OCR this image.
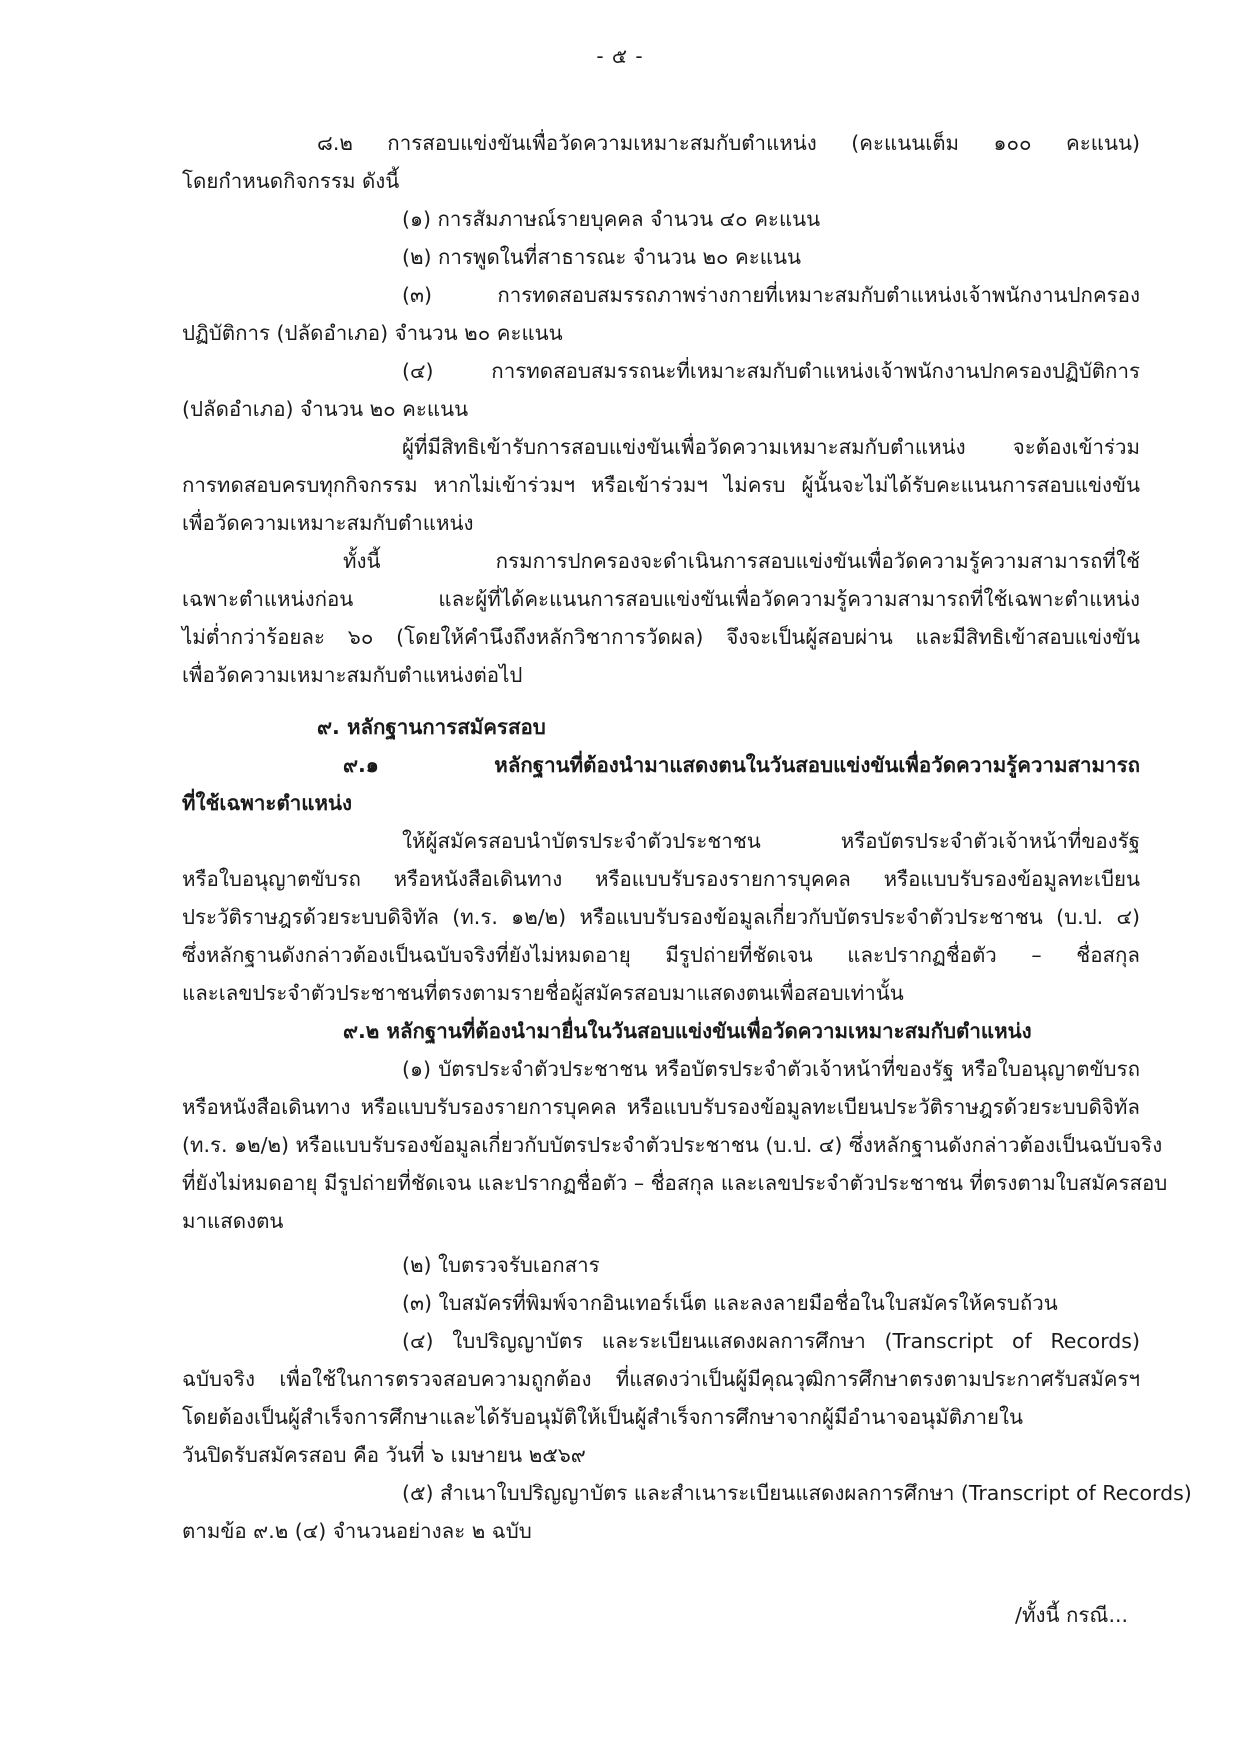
- ๕ -
๘.๒ การสอบแข่งขันเพื่อวัดความเหมาะสมกับตำแหน่ง (คะแนนเต็ม ๑๐๐ คะแนน)
โดยกำหนดกิจกรรม ดังนี้
(๑) การสัมภาษณ์รายบุคคล จำนวน ๔๐ คะแนน
(๒) การพูดในที่สาธารณะ จำนวน ๒๐ คะแนน
(๓) การทดสอบสมรรถภาพร่างกายที่เหมาะสมกับตำแหน่งเจ้าพนักงานปกครอง
ปฏิบัติการ (ปลัดอำเภอ) จำนวน ๒๐ คะแนน
(๔) การทดสอบสมรรถนะที่เหมาะสมกับตำแหน่งเจ้าพนักงานปกครองปฏิบัติการ
(ปลัดอำเภอ) จำนวน ๒๐ คะแนน
ผู้ที่มีสิทธิเข้ารับการสอบแข่งขันเพื่อวัดความเหมาะสมกับตำแหน่ง จะต้องเข้าร่วม
การทดสอบครบทุกกิจกรรม หากไม่เข้าร่วมฯ หรือเข้าร่วมฯ ไม่ครบ ผู้นั้นจะไม่ได้รับคะแนนการสอบแข่งขัน
เพื่อวัดความเหมาะสมกับตำแหน่ง
ทั้งนี้ กรมการปกครองจะดำเนินการสอบแข่งขันเพื่อวัดความรู้ความสามารถที่ใช้
เฉพาะตำแหน่งก่อน และผู้ที่ได้คะแนนการสอบแข่งขันเพื่อวัดความรู้ความสามารถที่ใช้เฉพาะตำแหน่ง
ไม่ต่ำกว่าร้อยละ ๖๐ (โดยให้คำนึงถึงหลักวิชาการวัดผล) จึงจะเป็นผู้สอบผ่าน และมีสิทธิเข้าสอบแข่งขัน
เพื่อวัดความเหมาะสมกับตำแหน่งต่อไป
๙. หลักฐานการสมัครสอบ
๙.๑ หลักฐานที่ต้องนำมาแสดงตนในวันสอบแข่งขันเพื่อวัดความรู้ความสามารถ
ที่ใช้เฉพาะตำแหน่ง
ให้ผู้สมัครสอบนำบัตรประจำตัวประชาชน หรือบัตรประจำตัวเจ้าหน้าที่ของรัฐ
หรือใบอนุญาตขับรถ หรือหนังสือเดินทาง หรือแบบรับรองรายการบุคคล หรือแบบรับรองข้อมูลทะเบียน
ประวัติราษฎรด้วยระบบดิจิทัล (ท.ร. ๑๒/๒) หรือแบบรับรองข้อมูลเกี่ยวกับบัตรประจำตัวประชาชน (บ.ป. ๔)
ซึ่งหลักฐานดังกล่าวต้องเป็นฉบับจริงที่ยังไม่หมดอายุ มีรูปถ่ายที่ชัดเจน และปรากฏชื่อตัว – ชื่อสกุล
และเลขประจำตัวประชาชนที่ตรงตามรายชื่อผู้สมัครสอบมาแสดงตนเพื่อสอบเท่านั้น
๙.๒ หลักฐานที่ต้องนำมายื่นในวันสอบแข่งขันเพื่อวัดความเหมาะสมกับตำแหน่ง
(๑) บัตรประจำตัวประชาชน หรือบัตรประจำตัวเจ้าหน้าที่ของรัฐ หรือใบอนุญาตขับรถ
หรือหนังสือเดินทาง หรือแบบรับรองรายการบุคคล หรือแบบรับรองข้อมูลทะเบียนประวัติราษฎรด้วยระบบดิจิทัล
(ท.ร. ๑๒/๒) หรือแบบรับรองข้อมูลเกี่ยวกับบัตรประจำตัวประชาชน (บ.ป. ๔) ซึ่งหลักฐานดังกล่าวต้องเป็นฉบับจริง
ที่ยังไม่หมดอายุ มีรูปถ่ายที่ชัดเจน และปรากฏชื่อตัว – ชื่อสกุล และเลขประจำตัวประชาชน ที่ตรงตามใบสมัครสอบ
มาแสดงตน
(๒) ใบตรวจรับเอกสาร
(๓) ใบสมัครที่พิมพ์จากอินเทอร์เน็ต และลงลายมือชื่อในใบสมัครให้ครบถ้วน
(๔) ใบปริญญาบัตร และระเบียนแสดงผลการศึกษา (Transcript of Records)
ฉบับจริง เพื่อใช้ในการตรวจสอบความถูกต้อง ที่แสดงว่าเป็นผู้มีคุณวุฒิการศึกษาตรงตามประกาศรับสมัครฯ
โดยต้องเป็นผู้สำเร็จการศึกษาและได้รับอนุมัติให้เป็นผู้สำเร็จการศึกษาจากผู้มีอำนาจอนุมัติภายใน
วันปิดรับสมัครสอบ คือ วันที่ ๖ เมษายน ๒๕๖๙
(๕) สำเนาใบปริญญาบัตร และสำเนาระเบียนแสดงผลการศึกษา (Transcript of Records)
ตามข้อ ๙.๒ (๔) จำนวนอย่างละ ๒ ฉบับ
/ทั้งนี้ กรณี...
